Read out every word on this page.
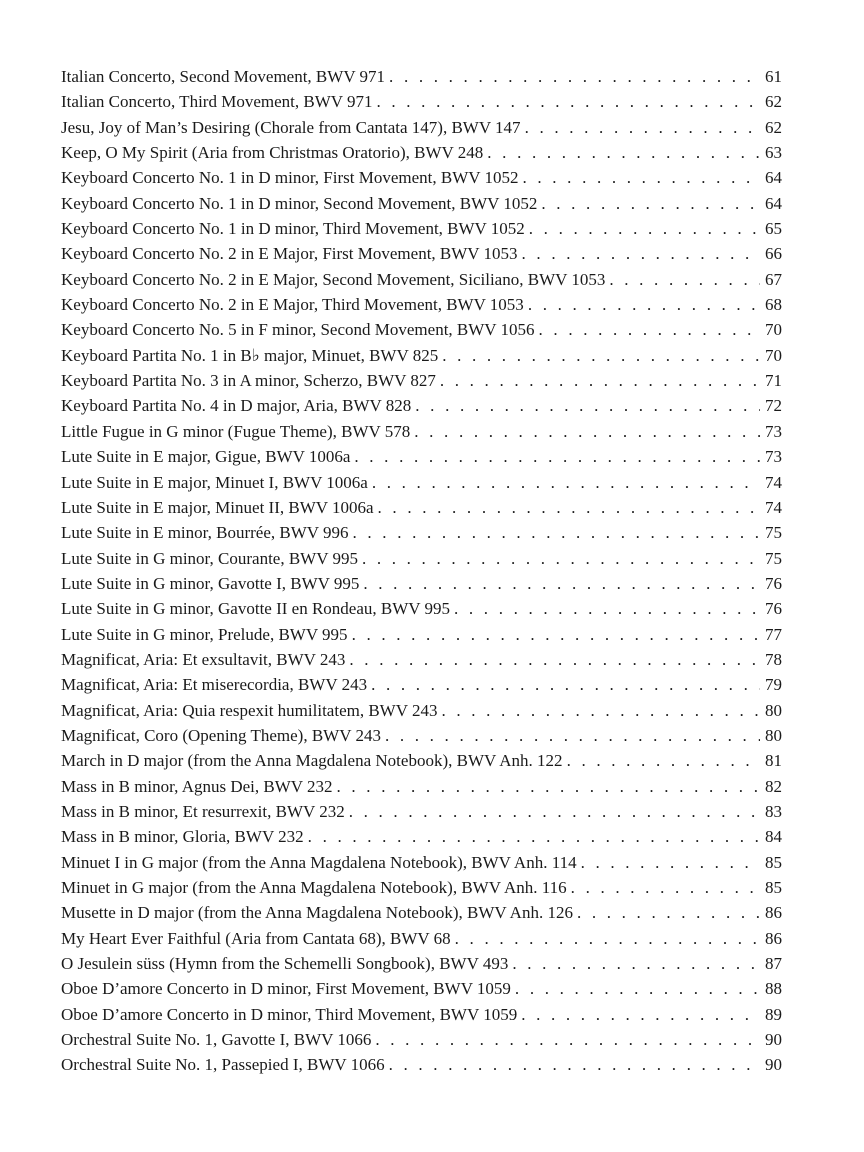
Italian Concerto, Second Movement, BWV 971 . . .	61
Italian Concerto, Third Movement, BWV 971 . . .	62
Jesu, Joy of Man’s Desiring (Chorale from Cantata 147), BWV 147 . . .	62
Keep, O My Spirit (Aria from Christmas Oratorio), BWV 248 . . .	63
Keyboard Concerto No. 1 in D minor, First Movement, BWV 1052 . . .	64
Keyboard Concerto No. 1 in D minor, Second Movement, BWV 1052 . . .	64
Keyboard Concerto No. 1 in D minor, Third Movement, BWV 1052 . . .	65
Keyboard Concerto No. 2 in E Major, First Movement, BWV 1053 . . .	66
Keyboard Concerto No. 2 in E Major, Second Movement, Siciliano, BWV 1053 . . .	67
Keyboard Concerto No. 2 in E Major, Third Movement, BWV 1053 . . .	68
Keyboard Concerto No. 5 in F minor, Second Movement, BWV 1056 . . .	70
Keyboard Partita No. 1 in B♭ major, Minuet, BWV 825 . . .	70
Keyboard Partita No. 3 in A minor, Scherzo, BWV 827 . . .	71
Keyboard Partita No. 4 in D major, Aria, BWV 828 . . .	72
Little Fugue in G minor (Fugue Theme), BWV 578 . . .	73
Lute Suite in E major, Gigue, BWV 1006a . . .	73
Lute Suite in E major, Minuet I, BWV 1006a . . .	74
Lute Suite in E major, Minuet II, BWV 1006a . . .	74
Lute Suite in E minor, Bourrée, BWV 996 . . .	75
Lute Suite in G minor, Courante, BWV 995 . . .	75
Lute Suite in G minor, Gavotte I, BWV 995 . . .	76
Lute Suite in G minor, Gavotte II en Rondeau, BWV 995 . . .	76
Lute Suite in G minor, Prelude, BWV 995 . . .	77
Magnificat, Aria: Et exsultavit, BWV 243 . . .	78
Magnificat, Aria: Et miserecordia, BWV 243 . . .	79
Magnificat, Aria: Quia respexit humilitatem, BWV 243 . . .	80
Magnificat, Coro (Opening Theme), BWV 243 . . .	80
March in D major (from the Anna Magdalena Notebook), BWV Anh. 122 . . .	81
Mass in B minor, Agnus Dei, BWV 232 . . .	82
Mass in B minor, Et resurrexit, BWV 232 . . .	83
Mass in B minor, Gloria, BWV 232 . . .	84
Minuet I in G major (from the Anna Magdalena Notebook), BWV Anh. 114 . . .	85
Minuet in G major (from the Anna Magdalena Notebook), BWV Anh. 116 . . .	85
Musette in D major (from the Anna Magdalena Notebook), BWV Anh. 126 . . .	86
My Heart Ever Faithful (Aria from Cantata 68), BWV 68 . . .	86
O Jesulein süss (Hymn from the Schemelli Songbook), BWV 493 . . .	87
Oboe D’amore Concerto in D minor, First Movement, BWV 1059 . . .	88
Oboe D’amore Concerto in D minor, Third Movement, BWV 1059 . . .	89
Orchestral Suite No. 1, Gavotte I, BWV 1066 . . .	90
Orchestral Suite No. 1, Passepied I, BWV 1066 . . .	90
